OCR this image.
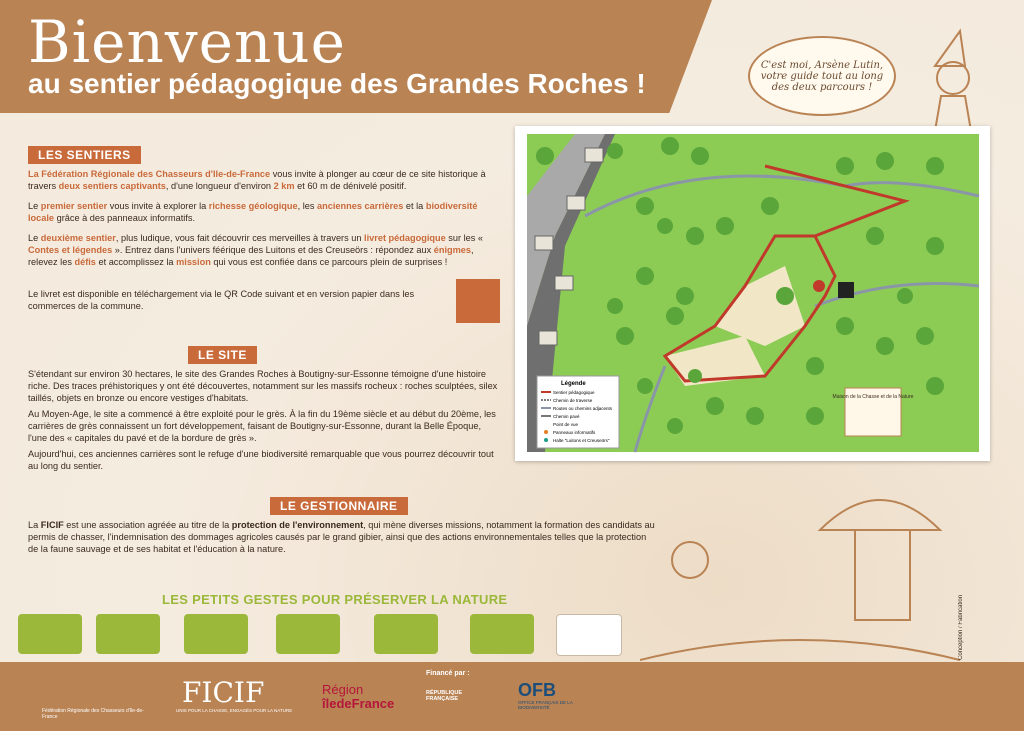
Bienvenue
au sentier pédagogique des Grandes Roches !
C'est moi, Arsène Lutin, votre guide tout au long des deux parcours !
LES SENTIERS
La Fédération Régionale des Chasseurs d'Ile-de-France vous invite à plonger au cœur de ce site historique à travers deux sentiers captivants, d'une longueur d'environ 2 km et 60 m de dénivelé positif.
Le premier sentier vous invite à explorer la richesse géologique, les anciennes carrières et la biodiversité locale grâce à des panneaux informatifs.
Le deuxième sentier, plus ludique, vous fait découvrir ces merveilles à travers un livret pédagogique sur les « Contes et légendes ». Entrez dans l'univers féérique des Luitons et des Creuseörs : répondez aux énigmes, relevez les défis et accomplissez la mission qui vous est confiée dans ce parcours plein de surprises !
Le livret est disponible en téléchargement via le QR Code suivant et en version papier dans les commerces de la commune.
LE SITE
S'étendant sur environ 30 hectares, le site des Grandes Roches à Boutigny-sur-Essonne témoigne d'une histoire riche. Des traces préhistoriques y ont été découvertes, notamment sur les massifs rocheux : roches sculptées, silex taillés, objets en bronze ou encore vestiges d'habitats.
Au Moyen-Age, le site a commencé à être exploité pour le grès. À la fin du 19ème siècle et au début du 20ème, les carrières de grès connaissent un fort développement, faisant de Boutigny-sur-Essonne, durant la Belle Époque, l'une des « capitales du pavé et de la bordure de grès ».
Aujourd'hui, ces anciennes carrières sont le refuge d'une biodiversité remarquable que vous pourrez découvrir tout au long du sentier.
LE GESTIONNAIRE
La FICIF est une association agréée au titre de la protection de l'environnement, qui mène diverses missions, notamment la formation des candidats au permis de chasser, l'indemnisation des dommages agricoles causés par le grand gibier, ainsi que des actions environnementales telles que la protection de la faune sauvage et de ses habitat et l'éducation à la nature.
Maison de la Chasse et de la Nature
Légende
Sentier pédagogique
Chemin de traverse
Routes ou chemins adjacents
Chemin pavé
Point de vue
Panneaux informatifs
Halte "Luitons et Creuseörs"
LES PETITS GESTES POUR PRÉSERVER LA NATURE	Conception / Fabrication
Fédération Régionale des Chasseurs d'Ile-de-France
FICIF
UNIS POUR LA CHASSE, ENGAGÉS POUR LA NATURE
Région
îledeFrance
Financé par :
RÉPUBLIQUE FRANÇAISE	OFB
OFFICE FRANÇAIS DE LA BIODIVERSITÉ
